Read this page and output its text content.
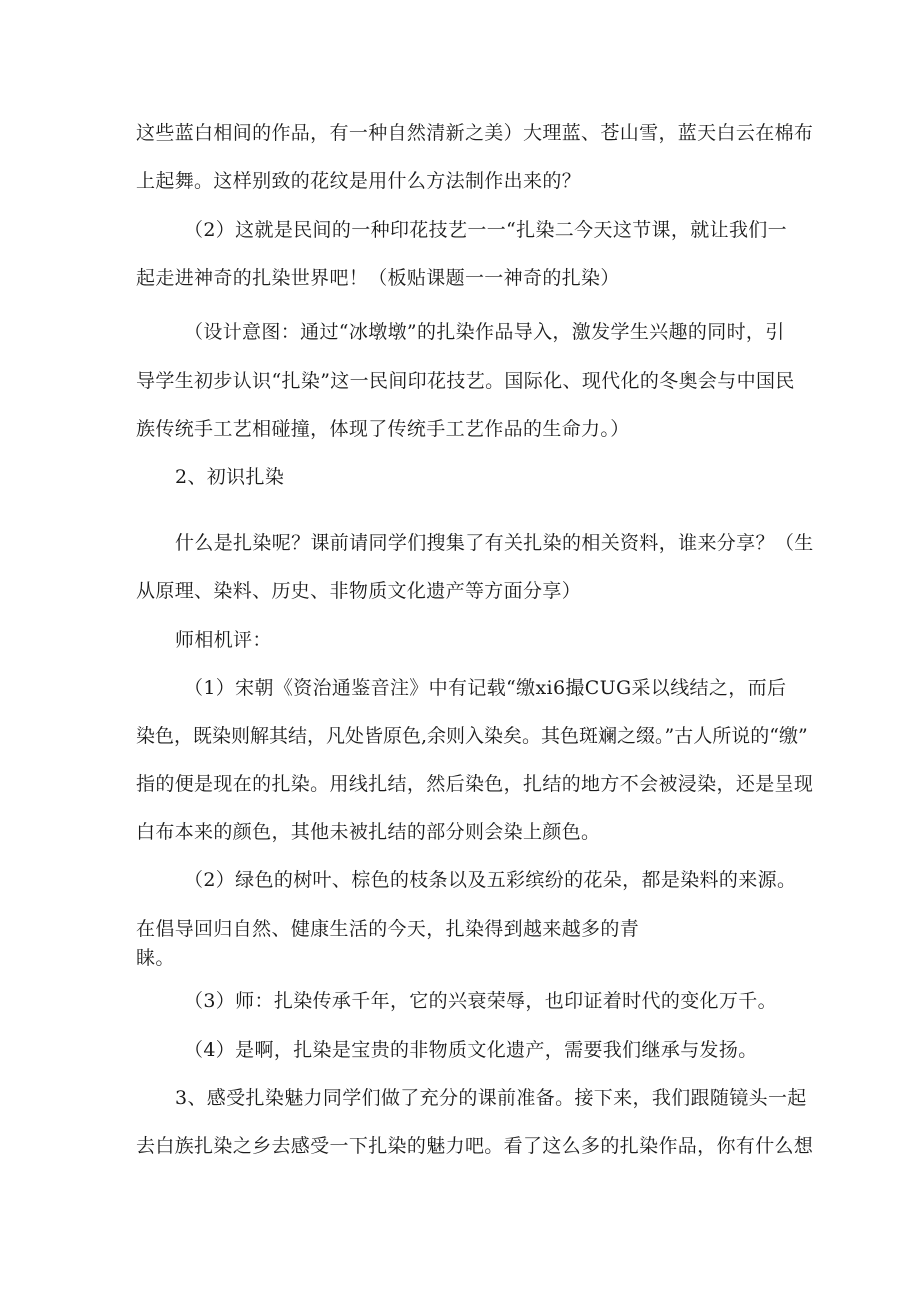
这些蓝白相间的作品，有一种自然清新之美）大理蓝、苍山雪，蓝天白云在棉布
上起舞。这样别致的花纹是用什么方法制作出来的？
（2）这就是民间的一种印花技艺一一“扎染二今天这节课，就让我们一
起走进神奇的扎染世界吧！（板贴课题一一神奇的扎染）
（设计意图：通过“冰墩墩”的扎染作品导入，激发学生兴趣的同时，引
导学生初步认识“扎染”这一民间印花技艺。国际化、现代化的冬奥会与中国民
族传统手工艺相碰撞，体现了传统手工艺作品的生命力。）
2、初识扎染
什么是扎染呢？课前请同学们搜集了有关扎染的相关资料，谁来分享？（生
从原理、染料、历史、非物质文化遗产等方面分享）
师相机评：
（1）宋朝《资治通鉴音注》中有记载“缴xi6撮CUG采以线结之，而后
染色，既染则解其结，凡处皆原色,余则入染矣。其色斑斓之缀。”古人所说的“缴”
指的便是现在的扎染。用线扎结，然后染色，扎结的地方不会被浸染，还是呈现
白布本来的颜色，其他未被扎结的部分则会染上颜色。
（2）绿色的树叶、棕色的枝条以及五彩缤纷的花朵，都是染料的来源。
在倡导回归自然、健康生活的今天，扎染得到越来越多的青
睐。
（3）师：扎染传承千年，它的兴衰荣辱，也印证着时代的变化万千。
（4）是啊，扎染是宝贵的非物质文化遗产，需要我们继承与发扬。
3、感受扎染魅力同学们做了充分的课前准备。接下来，我们跟随镜头一起
去白族扎染之乡去感受一下扎染的魅力吧。看了这么多的扎染作品，你有什么想
